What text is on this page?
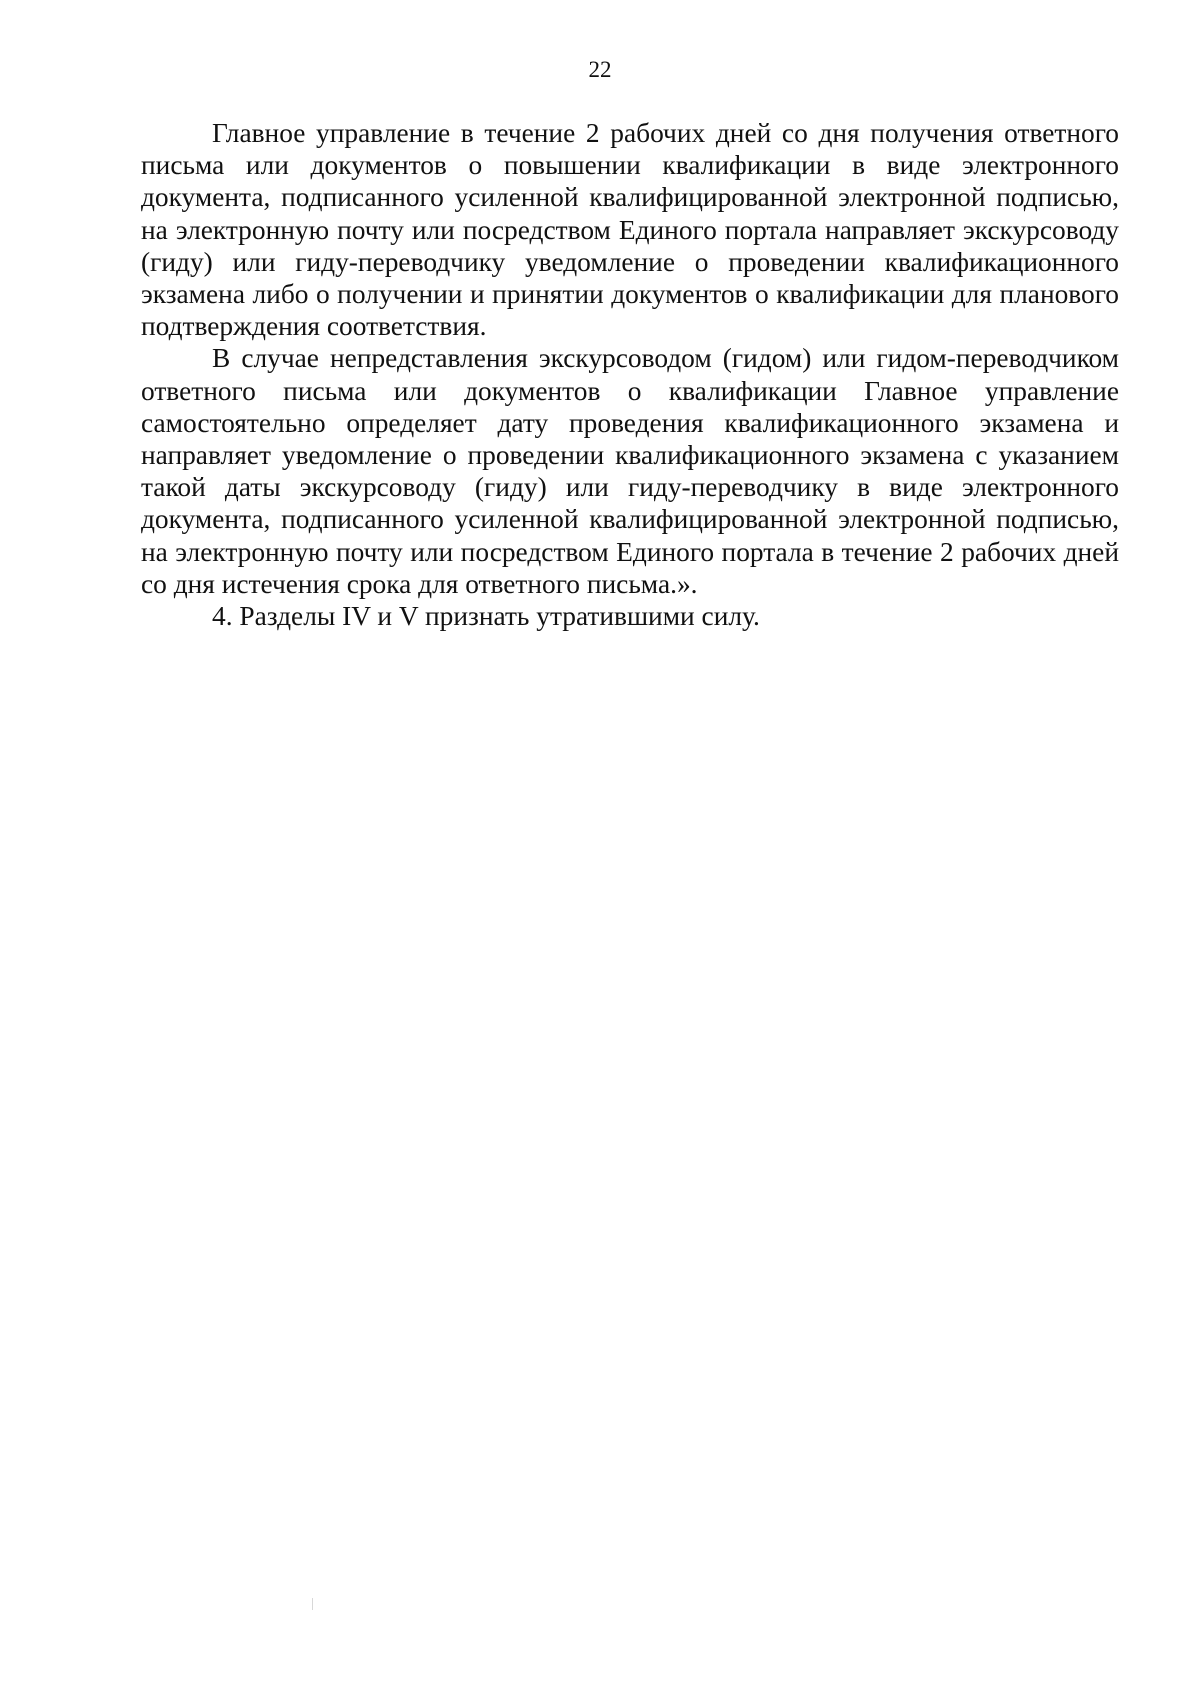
22

Главное управление в течение 2 рабочих дней со дня получения ответного письма или документов о повышении квалификации в виде электронного документа, подписанного усиленной квалифицированной электронной подписью, на электронную почту или посредством Единого портала направляет экскурсоводу (гиду) или гиду-переводчику уведомление о проведении квалификационного экзамена либо о получении и принятии документов о квалификации для планового подтверждения соответствия.

В случае непредставления экскурсоводом (гидом) или гидом-переводчиком ответного письма или документов о квалификации Главное управление самостоятельно определяет дату проведения квалификационного экзамена и направляет уведомление о проведении квалификационного экзамена с указанием такой даты экскурсоводу (гиду) или гиду-переводчику в виде электронного документа, подписанного усиленной квалифицированной электронной подписью, на электронную почту или посредством Единого портала в течение 2 рабочих дней со дня истечения срока для ответного письма.».

4. Разделы IV и V признать утратившими силу.
